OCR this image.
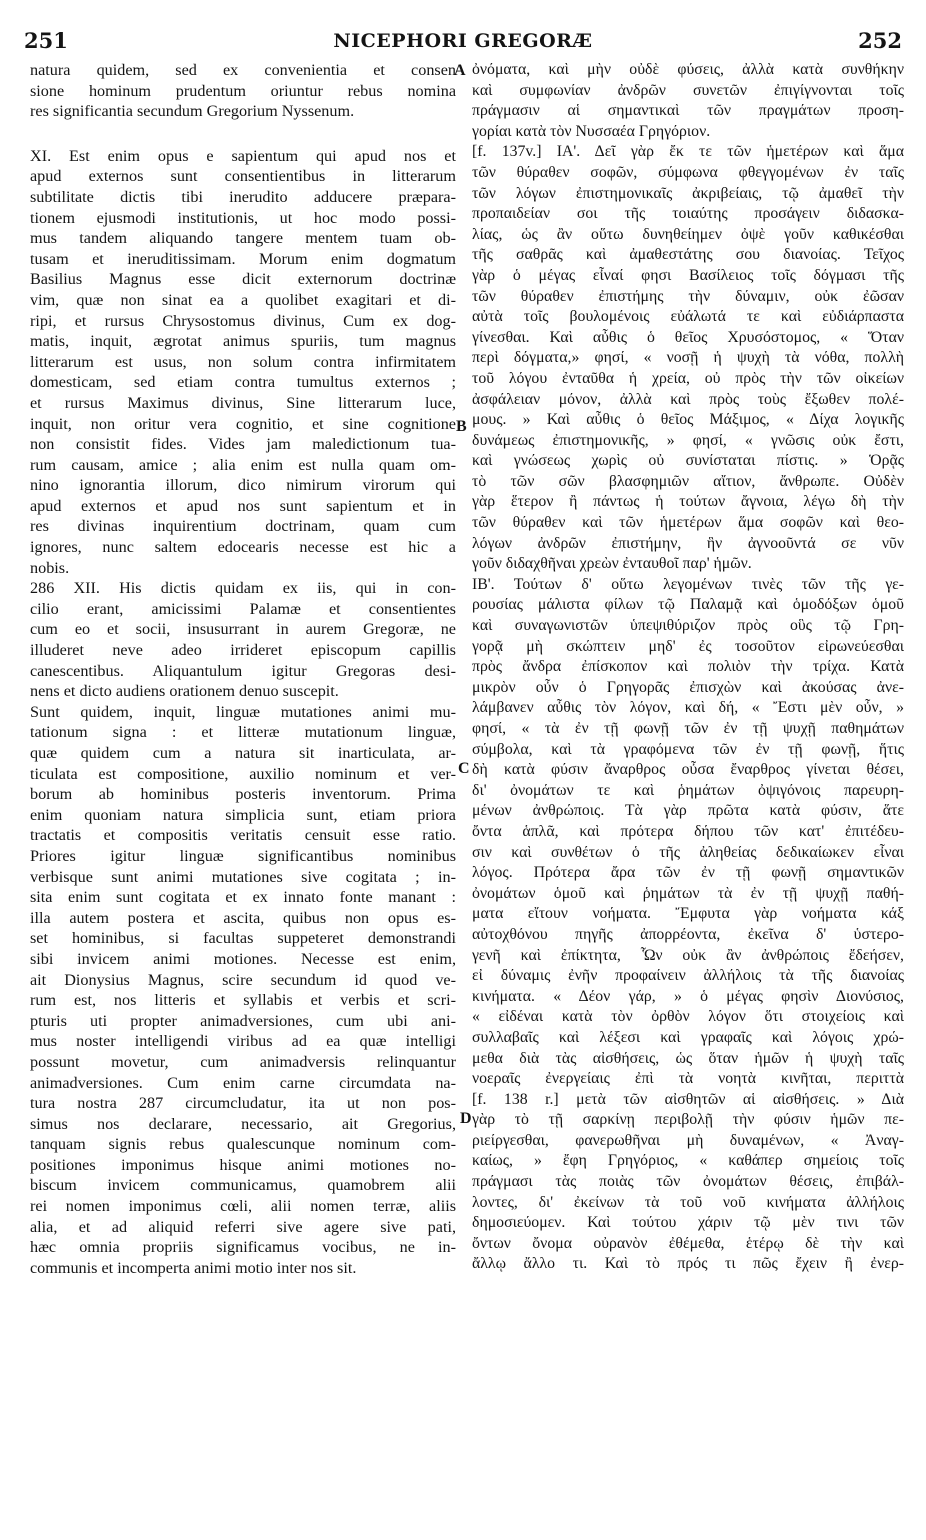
251	NICEPHORI GREGORÆ	252
natura quidem, sed ex convenientia et consen
sione hominum prudentum oriuntur rebus nomina
res significantia secundum Gregorium Nyssenum.
XI. Est enim opus e sapientum qui apud nos et
apud externos sunt consentientibus in litterarum
subtilitate dictis tibi inerudito adducere præpara-
tionem ejusmodi institutionis, ut hoc modo possi-
mus tandem aliquando tangere mentem tuam ob-
tusam et ineruditissimam. Morum enim dogmatum
Basilius Magnus esse dicit externorum doctrinæ
vim, quæ non sinat ea a quolibet exagitari et di-
ripi, et rursus Chrysostomus divinus, Cum ex dog-
matis, inquit, ægrotat animus spuriis, tum magnus
litterarum est usus, non solum contra infirmitatem
domesticam, sed etiam contra tumultus externos ;
et rursus Maximus divinus, Sine litterarum luce,
inquit, non oritur vera cognitio, et sine cognitione
non consistit fides. Vides jam maledictionum tua-
rum causam, amice ; alia enim est nulla quam om-
nino ignorantia illorum, dico nimirum virorum qui
apud externos et apud nos sunt sapientum et in
res divinas inquirentium doctrinam, quam cum
ignores, nunc saltem edocearis necesse est hic a
nobis.
286 XII. His dictis quidam ex iis, qui in con-
cilio erant, amicissimi Palamæ et consentientes
cum eo et socii, insusurrant in aurem Gregoræ, ne
illuderet neve adeo irrideret episcopum capillis
canescentibus. Aliquantulum igitur Gregoras desi-
nens et dicto audiens orationem denuo suscepit.
Sunt quidem, inquit, linguæ mutationes animi mu-
tationum signa : et litteræ mutationum linguæ,
quæ quidem cum a natura sit inarticulata, ar-
ticulata est compositione, auxilio nominum et ver-
borum ab hominibus posteris inventorum. Prima
enim quoniam natura simplicia sunt, etiam priora
tractatis et compositis veritatis censuit esse ratio.
Priores igitur linguæ significantibus nominibus
verbisque sunt animi mutationes sive cogitata ; in-
sita enim sunt cogitata et ex innato fonte manant :
illa autem postera et ascita, quibus non opus es-
set hominibus, si facultas suppeteret demonstrandi
sibi invicem animi motiones. Necesse est enim,
ait Dionysius Magnus, scire secundum id quod ve-
rum est, nos litteris et syllabis et verbis et scri-
pturis uti propter animadversiones, cum ubi ani-
mus noster intelligendi viribus ad ea quæ intelligi
possunt movetur, cum animadversis relinquantur
animadversiones. Cum enim carne circumdata na-
tura nostra 287 circumcludatur, ita ut non pos-
simus nos declarare, necessario, ait Gregorius,
tanquam signis rebus qualescunque nominum com-
positiones imponimus hisque animi motiones no-
biscum invicem communicamus, quamobrem alii
rei nomen imponimus cœli, alii nomen terræ, aliis
alia, et ad aliquid referri sive agere sive pati,
hæc omnia propriis significamus vocibus, ne in-
communis et incomperta animi motio inter nos sit.
ὀνόματα, καὶ μὴν οὐδὲ φύσεις, ἀλλὰ κατὰ συνθήκην
καὶ συμφωνίαν ἀνδρῶν συνετῶν ἐπιγίγνονται τοῖς
πράγμασιν αἱ σημαντικαὶ τῶν πραγμάτων προση-
γορίαι κατὰ τὸν Νυσσαέα Γρηγόριον.
[f. 137v.] ΙΑ'. Δεῖ γὰρ ἔκ τε τῶν ἡμετέρων καὶ ἅμα
τῶν θύραθεν σοφῶν, σύμφωνα φθεγγομένων ἐν ταῖς
τῶν λόγων ἐπιστημονικαῖς ἀκριβείαις, τῷ ἀμαθεῖ τὴν
προπαιδείαν σοι τῆς τοιαύτης προσάγειν διδασκα-
λίας, ὡς ἂν οὕτω δυνηθείημεν ὀψὲ γοῦν καθικέσθαι
τῆς σαθρᾶς καὶ ἀμαθεστάτης σου διανοίας. Τεῖχος
γὰρ ὁ μέγας εἶναί φησι Βασίλειος τοῖς δόγμασι τῆς
τῶν θύραθεν ἐπιστήμης τὴν δύναμιν, οὐκ ἐῶσαν
αὐτὰ τοῖς βουλομένοις εὐάλωτά τε καὶ εὐδιάρπαστα
γίνεσθαι. Καὶ αὖθις ὁ θεῖος Χρυσόστομος, « Ὅταν
περὶ δόγματα,» φησί, « νοσῇ ἡ ψυχὴ τὰ νόθα, πολλὴ
τοῦ λόγου ἐνταῦθα ἡ χρεία, οὐ πρὸς τὴν τῶν οἰκείων
ἀσφάλειαν μόνον, ἀλλὰ καὶ πρὸς τοὺς ἔξωθεν πολέ-
μους. » Καὶ αὖθις ὁ θεῖος Μάξιμος, « Δίχα λογικῆς
δυνάμεως ἐπιστημονικῆς, » φησί, « γνῶσις οὐκ ἔστι,
καὶ γνώσεως χωρὶς οὐ συνίσταται πίστις. » Ὁρᾷς
τὸ τῶν σῶν βλασφημιῶν αἴτιον, ἄνθρωπε. Οὐδὲν
γὰρ ἕτερον ἢ πάντως ἡ τούτων ἄγνοια, λέγω δὴ τὴν
τῶν θύραθεν καὶ τῶν ἡμετέρων ἅμα σοφῶν καὶ θεο-
λόγων ἀνδρῶν ἐπιστήμην, ἣν ἀγνοοῦντά σε νῦν
γοῦν διδαχθῆναι χρεὼν ἐνταυθοῖ παρ' ἡμῶν.
ΙΒ'. Τούτων δ' οὕτω λεγομένων τινὲς τῶν τῆς γε-
ρουσίας μάλιστα φίλων τῷ Παλαμᾷ καὶ ὁμοδόξων ὁμοῦ
καὶ συναγωνιστῶν ὑπεψιθύριζον πρὸς οὓς τῷ Γρη-
γορᾷ μὴ σκώπτειν μηδ' ἐς τοσοῦτον εἰρωνεύεσθαι
πρὸς ἄνδρα ἐπίσκοπον καὶ πολιὸν τὴν τρίχα. Κατὰ
μικρὸν οὖν ὁ Γρηγορᾶς ἐπισχὼν καὶ ἀκούσας ἀνε-
λάμβανεν αὖθις τὸν λόγον, καὶ δή, « Ἔστι μὲν οὖν, »
φησί, « τὰ ἐν τῇ φωνῇ τῶν ἐν τῇ ψυχῇ παθημάτων
σύμβολα, καὶ τὰ γραφόμενα τῶν ἐν τῇ φωνῇ, ἥτις
δὴ κατὰ φύσιν ἄναρθρος οὖσα ἔναρθρος γίνεται θέσει,
δι' ὀνομάτων τε καὶ ῥημάτων ὀψιγόνοις παρευρη-
μένων ἀνθρώποις. Τὰ γὰρ πρῶτα κατὰ φύσιν, ἅτε
ὄντα ἁπλᾶ, καὶ πρότερα δήπου τῶν κατ' ἐπιτέδευ-
σιν καὶ συνθέτων ὁ τῆς ἀληθείας δεδικαίωκεν εἶναι
λόγος. Πρότερα ἄρα τῶν ἐν τῇ φωνῇ σημαντικῶν
ὀνομάτων ὁμοῦ καὶ ῥημάτων τὰ ἐν τῇ ψυχῇ παθή-
ματα εἴτουν νοήματα. Ἔμφυτα γὰρ νοήματα κάξ
αὐτοχθόνου πηγῆς ἀπορρέοντα, ἐκεῖνα δ' ὑστερο-
γενῆ καὶ ἐπίκτητα, Ὧν οὐκ ἂν ἀνθρώποις ἔδεήσεν,
εἰ δύναμις ἐνῆν προφαίνειν ἀλλήλοις τὰ τῆς διανοίας
κινήματα. « Δέον γάρ, » ὁ μέγας φησὶν Διονύσιος,
« εἰδέναι κατὰ τὸν ὀρθὸν λόγον ὅτι στοιχείοις καὶ
συλλαβαῖς καὶ λέξεσι καὶ γραφαῖς καὶ λόγοις χρώ-
μεθα διὰ τὰς αἰσθήσεις, ὡς ὅταν ἡμῶν ἡ ψυχὴ ταῖς
νοεραῖς ἐνεργείαις ἐπὶ τὰ νοητὰ κινῆται, περιττὰ
[f. 138 r.] μετὰ τῶν αἰσθητῶν αἱ αἰσθήσεις. » Διὰ
γὰρ τὸ τῇ σαρκίνῃ περιβολῇ τὴν φύσιν ἡμῶν πε-
ριείργεσθαι, φανερωθῆναι μὴ δυναμένων, « Ἀναγ-
καίως, » ἔφη Γρηγόριος, « καθάπερ σημείοις τοῖς
πράγμασι τὰς ποιὰς τῶν ὀνομάτων θέσεις, ἐπιβάλ-
λοντες, δι' ἐκείνων τὰ τοῦ νοῦ κινήματα ἀλλήλοις
δημοσιεύομεν. Καὶ τούτου χάριν τῷ μὲν τινι τῶν
ὄντων ὄνομα οὐρανὸν ἐθέμεθα, ἑτέρῳ δὲ τὴν καὶ
ἄλλῳ ἄλλο τι. Καὶ τὸ πρός τι πῶς ἔχειν ἢ ἐνερ-
A
B
C
D
